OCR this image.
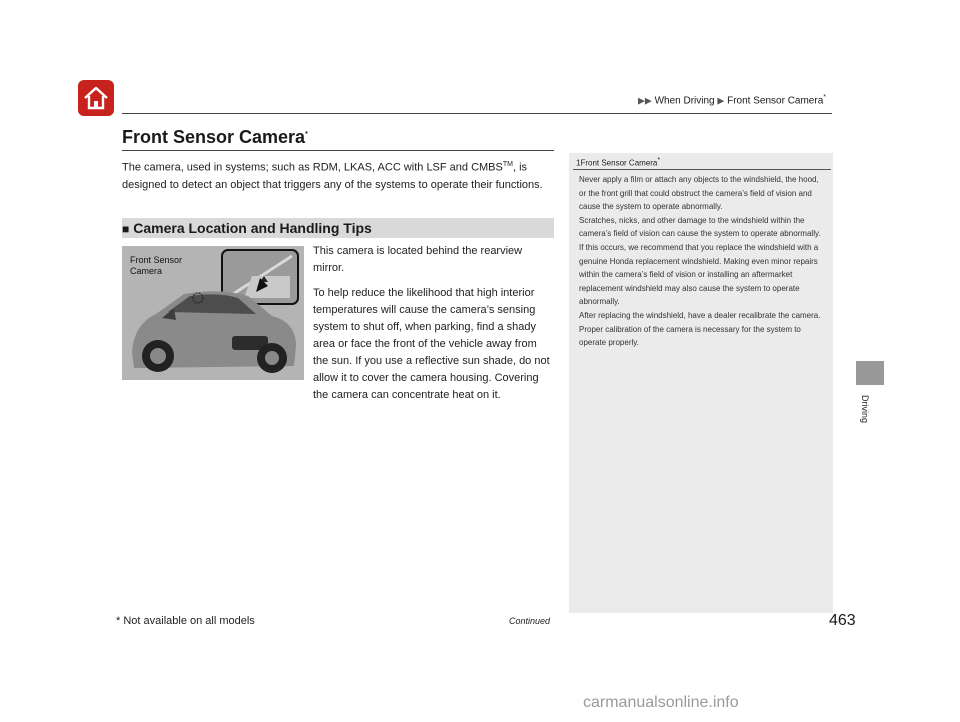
▶▶ When Driving ▶ Front Sensor Camera*
Front Sensor Camera*
The camera, used in systems; such as RDM, LKAS, ACC with LSF and CMBS™, is designed to detect an object that triggers any of the systems to operate their functions.
■ Camera Location and Handling Tips
Front Sensor
Camera

This camera is located behind the rearview mirror.

To help reduce the likelihood that high interior temperatures will cause the camera’s sensing system to shut off, when parking, find a shady area or face the front of the vehicle away from the sun. If you use a reflective sun shade, do not allow it to cover the camera housing. Covering the camera can concentrate heat on it.

1Front Sensor Camera*
Never apply a film or attach any objects to the windshield, the hood, or the front grill that could obstruct the camera’s field of vision and cause the system to operate abnormally.
Scratches, nicks, and other damage to the windshield within the camera’s field of vision can cause the system to operate abnormally. If this occurs, we recommend that you replace the windshield with a genuine Honda replacement windshield. Making even minor repairs within the camera’s field of vision or installing an aftermarket replacement windshield may also cause the system to operate abnormally.
After replacing the windshield, have a dealer recalibrate the camera. Proper calibration of the camera is necessary for the system to operate properly.
Driving
* Not available on all models	Continued	463
carmanualsonline.info
